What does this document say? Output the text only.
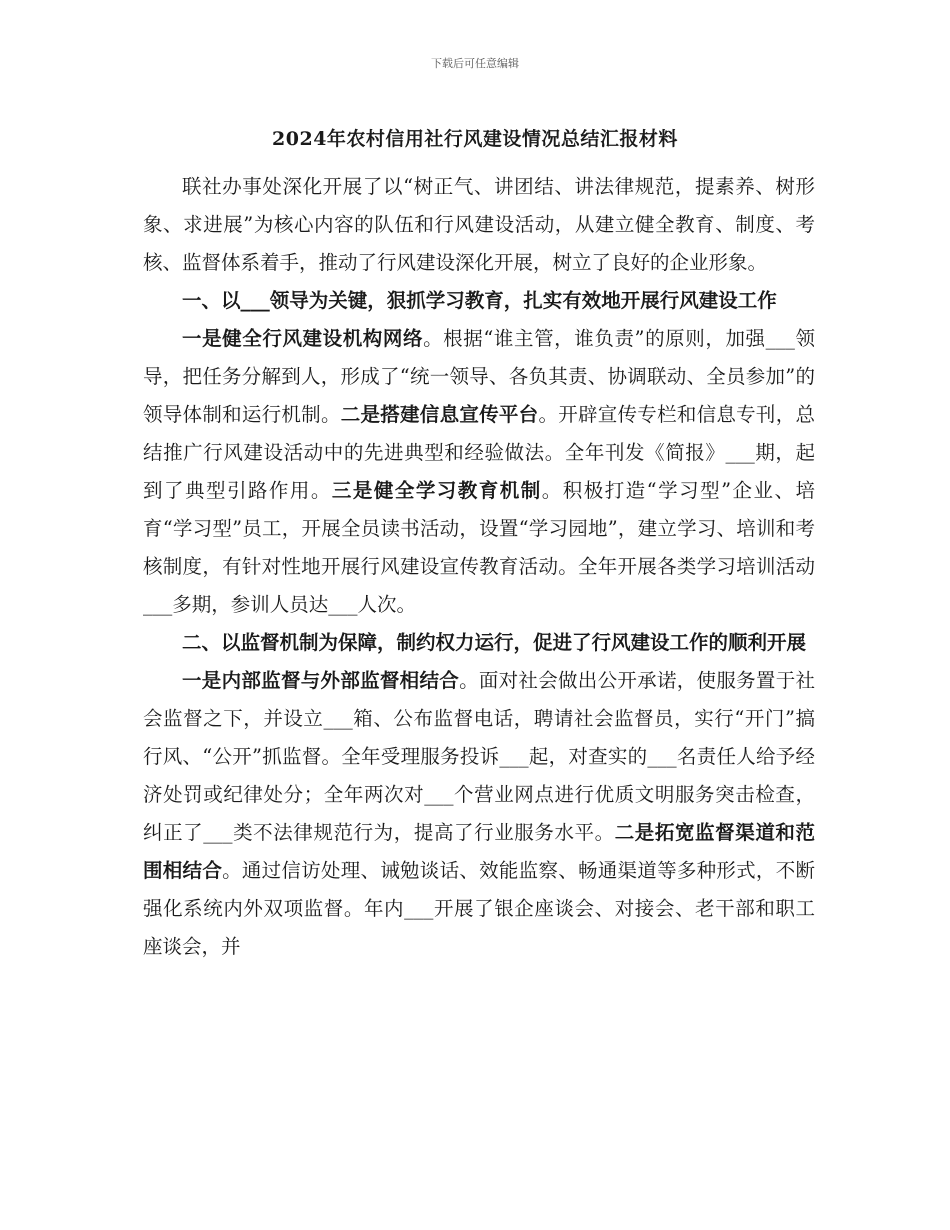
下载后可任意编辑
2024年农村信用社行风建设情况总结汇报材料

联社办事处深化开展了以“树正气、讲团结、讲法律规范，提素养、树形象、求进展”为核心内容的队伍和行风建设活动，从建立健全教育、制度、考核、监督体系着手，推动了行风建设深化开展，树立了良好的企业形象。

一、以___领导为关键，狠抓学习教育，扎实有效地开展行风建设工作

一是健全行风建设机构网络。根据“谁主管，谁负责”的原则，加强___领导，把任务分解到人，形成了“统一领导、各负其责、协调联动、全员参加”的领导体制和运行机制。二是搭建信息宣传平台。开辟宣传专栏和信息专刊，总结推广行风建设活动中的先进典型和经验做法。全年刊发《简报》___期，起到了典型引路作用。三是健全学习教育机制。积极打造“学习型”企业、培育“学习型”员工，开展全员读书活动，设置“学习园地”，建立学习、培训和考核制度，有针对性地开展行风建设宣传教育活动。全年开展各类学习培训活动___多期，参训人员达___人次。

二、以监督机制为保障，制约权力运行，促进了行风建设工作的顺利开展

一是内部监督与外部监督相结合。面对社会做出公开承诺，使服务置于社会监督之下，并设立___箱、公布监督电话，聘请社会监督员，实行“开门”搞行风、“公开”抓监督。全年受理服务投诉___起，对查实的___名责任人给予经济处罚或纪律处分；全年两次对___个营业网点进行优质文明服务突击检查，纠正了___类不法律规范行为，提高了行业服务水平。二是拓宽监督渠道和范围相结合。通过信访处理、诫勉谈话、效能监察、畅通渠道等多种形式，不断强化系统内外双项监督。年内___开展了银企座谈会、对接会、老干部和职工座谈会，并
